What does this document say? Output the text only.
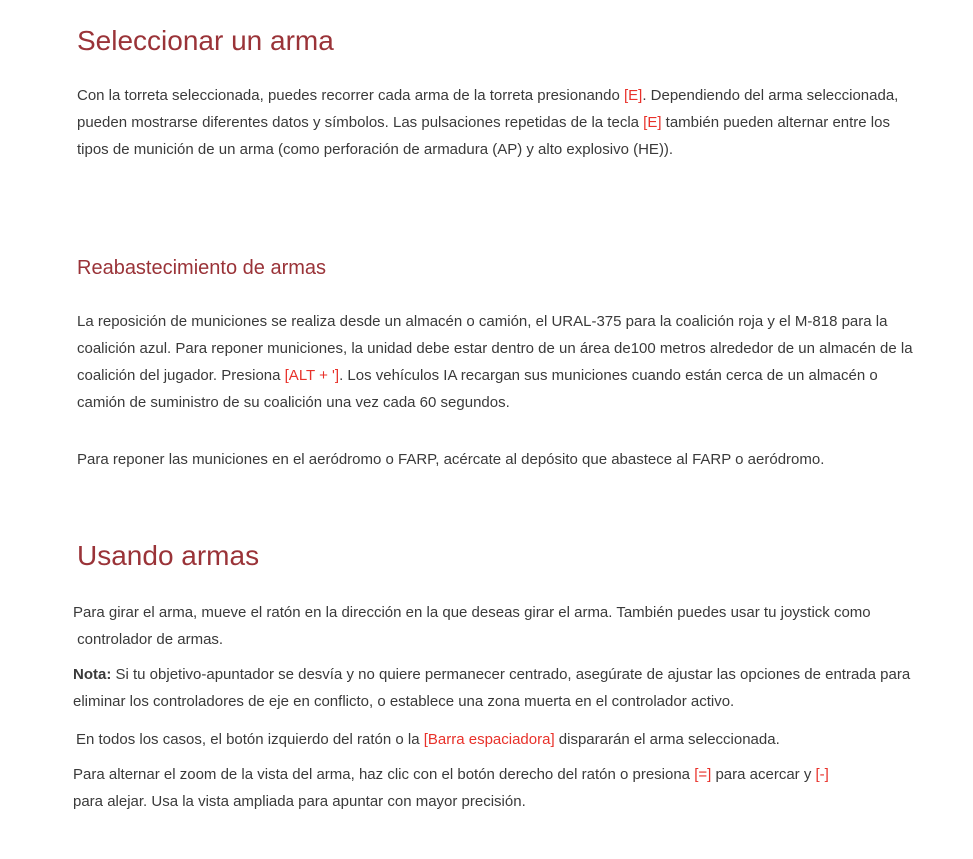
Seleccionar un arma
Con la torreta seleccionada, puedes recorrer cada arma de la torreta presionando [E]. Dependiendo del arma seleccionada,
pueden mostrarse diferentes datos y símbolos. Las pulsaciones repetidas de la tecla [E] también pueden alternar entre los
tipos de munición de un arma (como perforación de armadura (AP) y alto explosivo (HE)).
Reabastecimiento de armas
La reposición de municiones se realiza desde un almacén o camión, el URAL-375 para la coalición roja y el M-818 para la
coalición azul. Para reponer municiones, la unidad debe estar dentro de un área de100 metros alrededor de un almacén de la
coalición del jugador. Presiona [ALT + ']. Los vehículos IA recargan sus municiones cuando están cerca de un almacén o
camión de suministro de su coalición una vez cada 60 segundos.
Para reponer las municiones en el aeródromo o FARP, acércate al depósito que abastece al FARP o aeródromo.
Usando armas
Para girar el arma, mueve el ratón en la dirección en la que deseas girar el arma. También puedes usar tu joystick como
controlador de armas.
Nota: Si tu objetivo-apuntador se desvía y no quiere permanecer centrado, asegúrate de ajustar las opciones de entrada para
eliminar los controladores de eje en conflicto, o establece una zona muerta en el controlador activo.
En todos los casos, el botón izquierdo del ratón o la [Barra espaciadora] dispararán el arma seleccionada.
Para alternar el zoom de la vista del arma, haz clic con el botón derecho del ratón o presiona [=] para acercar y [-]
para alejar. Usa la vista ampliada para apuntar con mayor precisión.
